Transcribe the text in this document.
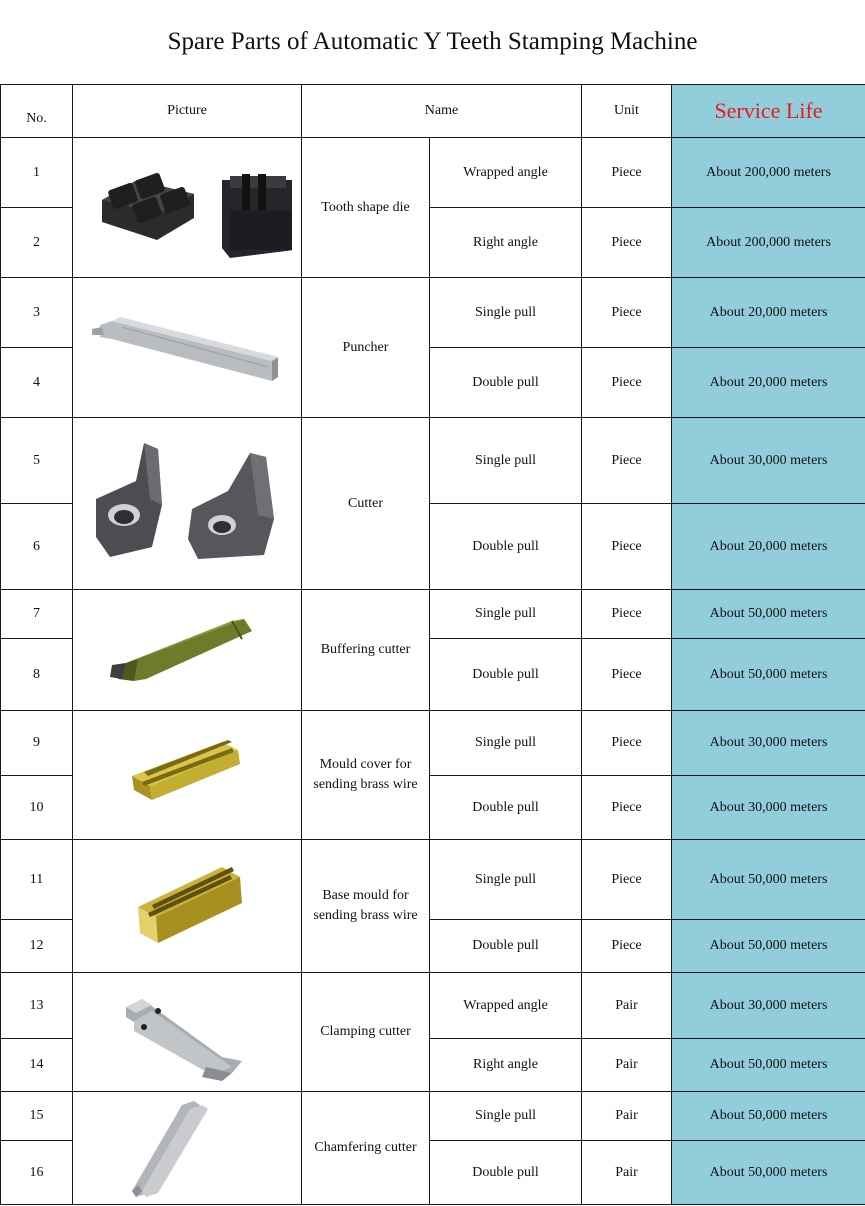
Spare Parts of Automatic Y Teeth Stamping Machine
No.	Picture	Name		Unit	Service Life
1		Tooth shape die	Wrapped angle	Piece	About 200,000 meters
2			Right angle	Piece	About 200,000 meters
3		Puncher	Single pull	Piece	About 20,000 meters
4			Double pull	Piece	About 20,000 meters
5		Cutter	Single pull	Piece	About 30,000 meters
6			Double pull	Piece	About 20,000 meters
7		Buffering cutter	Single pull	Piece	About 50,000 meters
8			Double pull	Piece	About 50,000 meters
9		Mould cover for sending brass wire	Single pull	Piece	About 30,000 meters
10			Double pull	Piece	About 30,000 meters
11		Base mould for sending brass wire	Single pull	Piece	About 50,000 meters
12			Double pull	Piece	About 50,000 meters
13		Clamping cutter	Wrapped angle	Pair	About 30,000 meters
14			Right angle	Pair	About 50,000 meters
15		Chamfering cutter	Single pull	Pair	About 50,000 meters
16			Double pull	Pair	About 50,000 meters
